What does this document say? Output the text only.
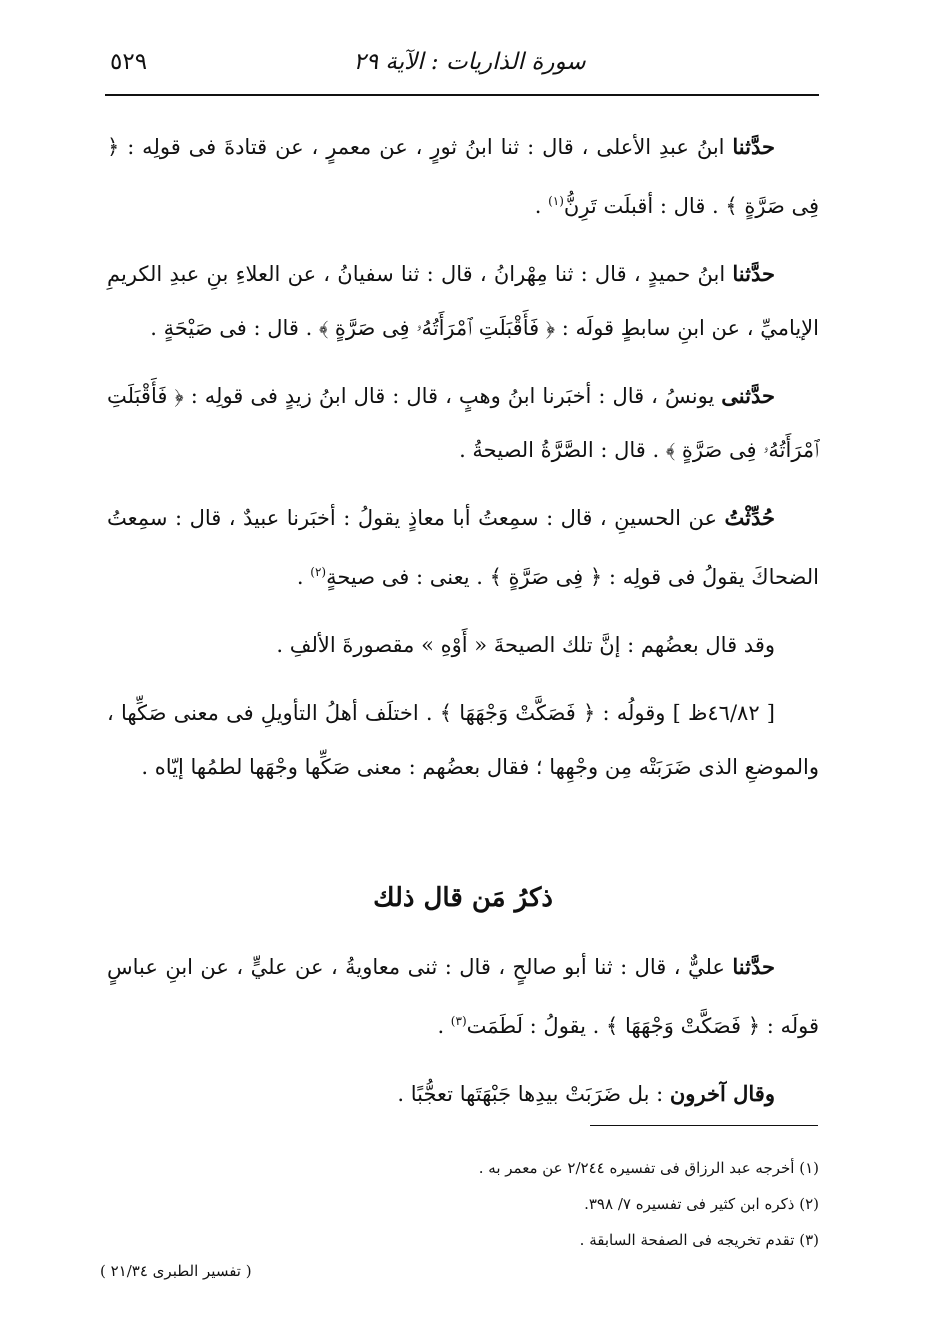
٥٢٩	سورة الذاريات : الآية ٢٩

حدَّثنا ابنُ عبدِ الأعلى ، قال : ثنا ابنُ ثورٍ ، عن معمرٍ ، عن قتادةَ فى قولِه : ﴿ فِى صَرَّةٍ ﴾ . قال : أقبلَت تَرِنُّ$^{(١)}$ .

حدَّثنا ابنُ حميدٍ ، قال : ثنا مِهْرانُ ، قال : ثنا سفيانُ ، عن العلاءِ بنِ عبدِ الكريمِ الإياميِّ ، عن ابنِ سابطٍ قولَه : ﴿ فَأَقْبَلَتِ ٱمْرَأَتُهُۥ فِى صَرَّةٍ ﴾ . قال : فى صَيْحَةٍ .

حدَّثنى يونسُ ، قال : أخبَرنا ابنُ وهبٍ ، قال : قال ابنُ زيدٍ فى قولِه : ﴿ فَأَقْبَلَتِ ٱمْرَأَتُهُۥ فِى صَرَّةٍ ﴾ . قال : الصَّرَّةُ الصيحةُ .

حُدِّثْتُ عن الحسينِ ، قال : سمِعتُ أبا معاذٍ يقولُ : أخبَرنا عبيدٌ ، قال : سمِعتُ الضحاكَ يقولُ فى قولِه : ﴿ فِى صَرَّةٍ ﴾ . يعنى : فى صيحةٍ$^{(٢)}$ .

وقد قال بعضُهم : إنَّ تلك الصيحةَ « أَوْهِ » مقصورةَ الألفِ .

[ ٤٦/٨٢ظ ] وقولُه : ﴿ فَصَكَّتْ وَجْهَهَا ﴾ . اختلَف أهلُ التأويلِ فى معنى صَكِّها ، والموضعِ الذى ضَرَبَتْه مِن وجْهِها ؛ فقال بعضُهم : معنى صَكِّها وجْهَها لطمُها إيّاه .

ذكرُ مَن قال ذلك

حدَّثنا عليٌّ ، قال : ثنا أبو صالحٍ ، قال : ثنى معاويةُ ، عن عليٍّ ، عن ابنِ عباسٍ قولَه : ﴿ فَصَكَّتْ وَجْهَهَا ﴾ . يقولُ : لَطَمَت$^{(٣)}$ .

وقال آخرون : بل ضَرَبَتْ بيدِها جَبْهَتَها تعجُّبًا .

(١) أخرجه عبد الرزاق فى تفسيره ٢/٢٤٤ عن معمر به .
(٢) ذكره ابن كثير فى تفسيره ٧/ ٣٩٨.
(٣) تقدم تخريجه فى الصفحة السابقة .
( تفسير الطبرى ٢١/٣٤ )
